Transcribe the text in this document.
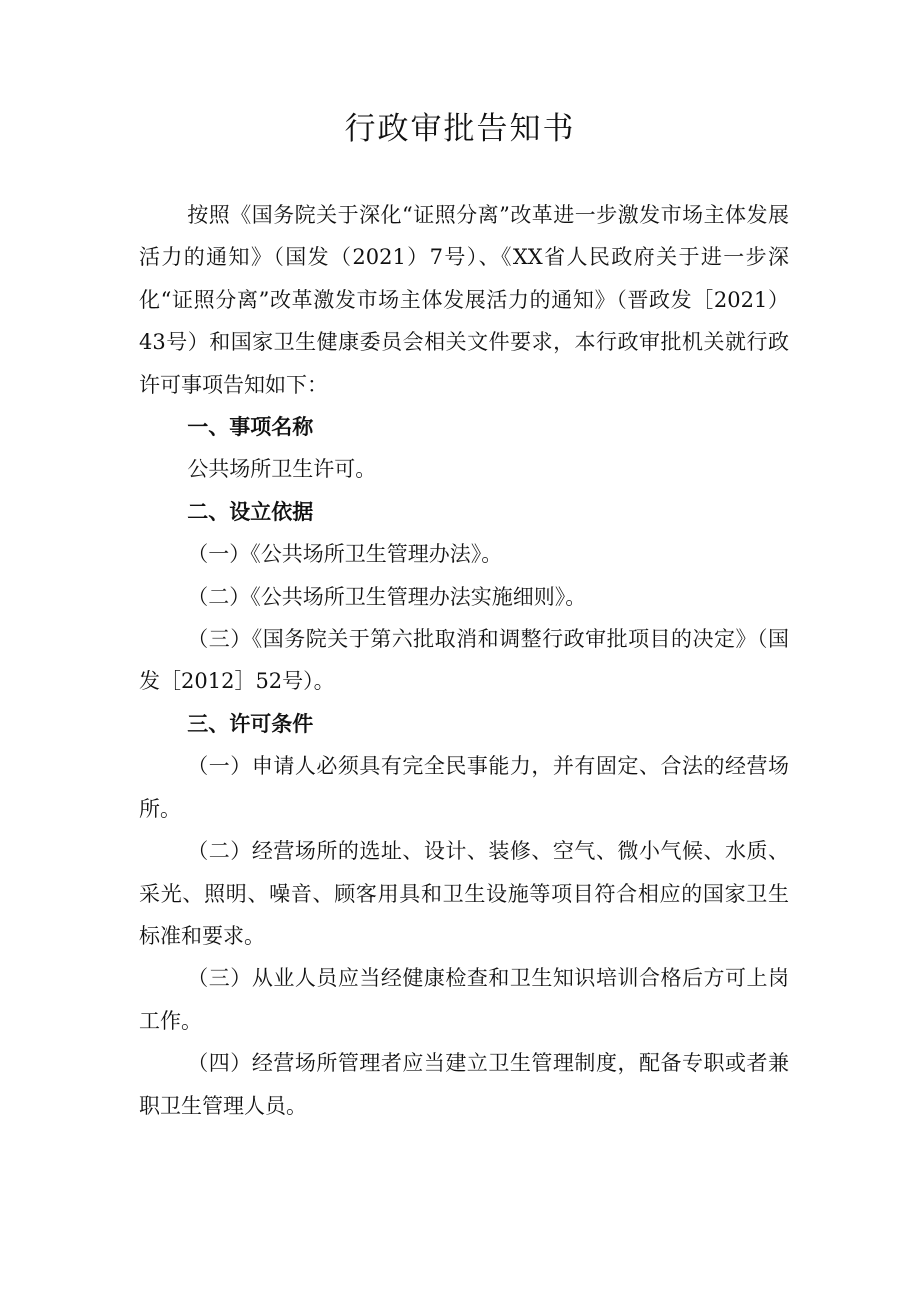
行政审批告知书

按照《国务院关于深化“证照分离”改革进一步激发市场主体发展活力的通知》（国发（2021）7号）、《XX省人民政府关于进一步深化“证照分离”改革激发市场主体发展活力的通知》（晋政发［2021）43号）和国家卫生健康委员会相关文件要求，本行政审批机关就行政许可事项告知如下：

一、事项名称

公共场所卫生许可。

二、设立依据

（一）《公共场所卫生管理办法》。

（二）《公共场所卫生管理办法实施细则》。

（三）《国务院关于第六批取消和调整行政审批项目的决定》（国发［2012］52号）。

三、许可条件

（一）申请人必须具有完全民事能力，并有固定、合法的经营场所。

（二）经营场所的选址、设计、装修、空气、微小气候、水质、采光、照明、噪音、顾客用具和卫生设施等项目符合相应的国家卫生标准和要求。

（三）从业人员应当经健康检查和卫生知识培训合格后方可上岗工作。

（四）经营场所管理者应当建立卫生管理制度，配备专职或者兼职卫生管理人员。
